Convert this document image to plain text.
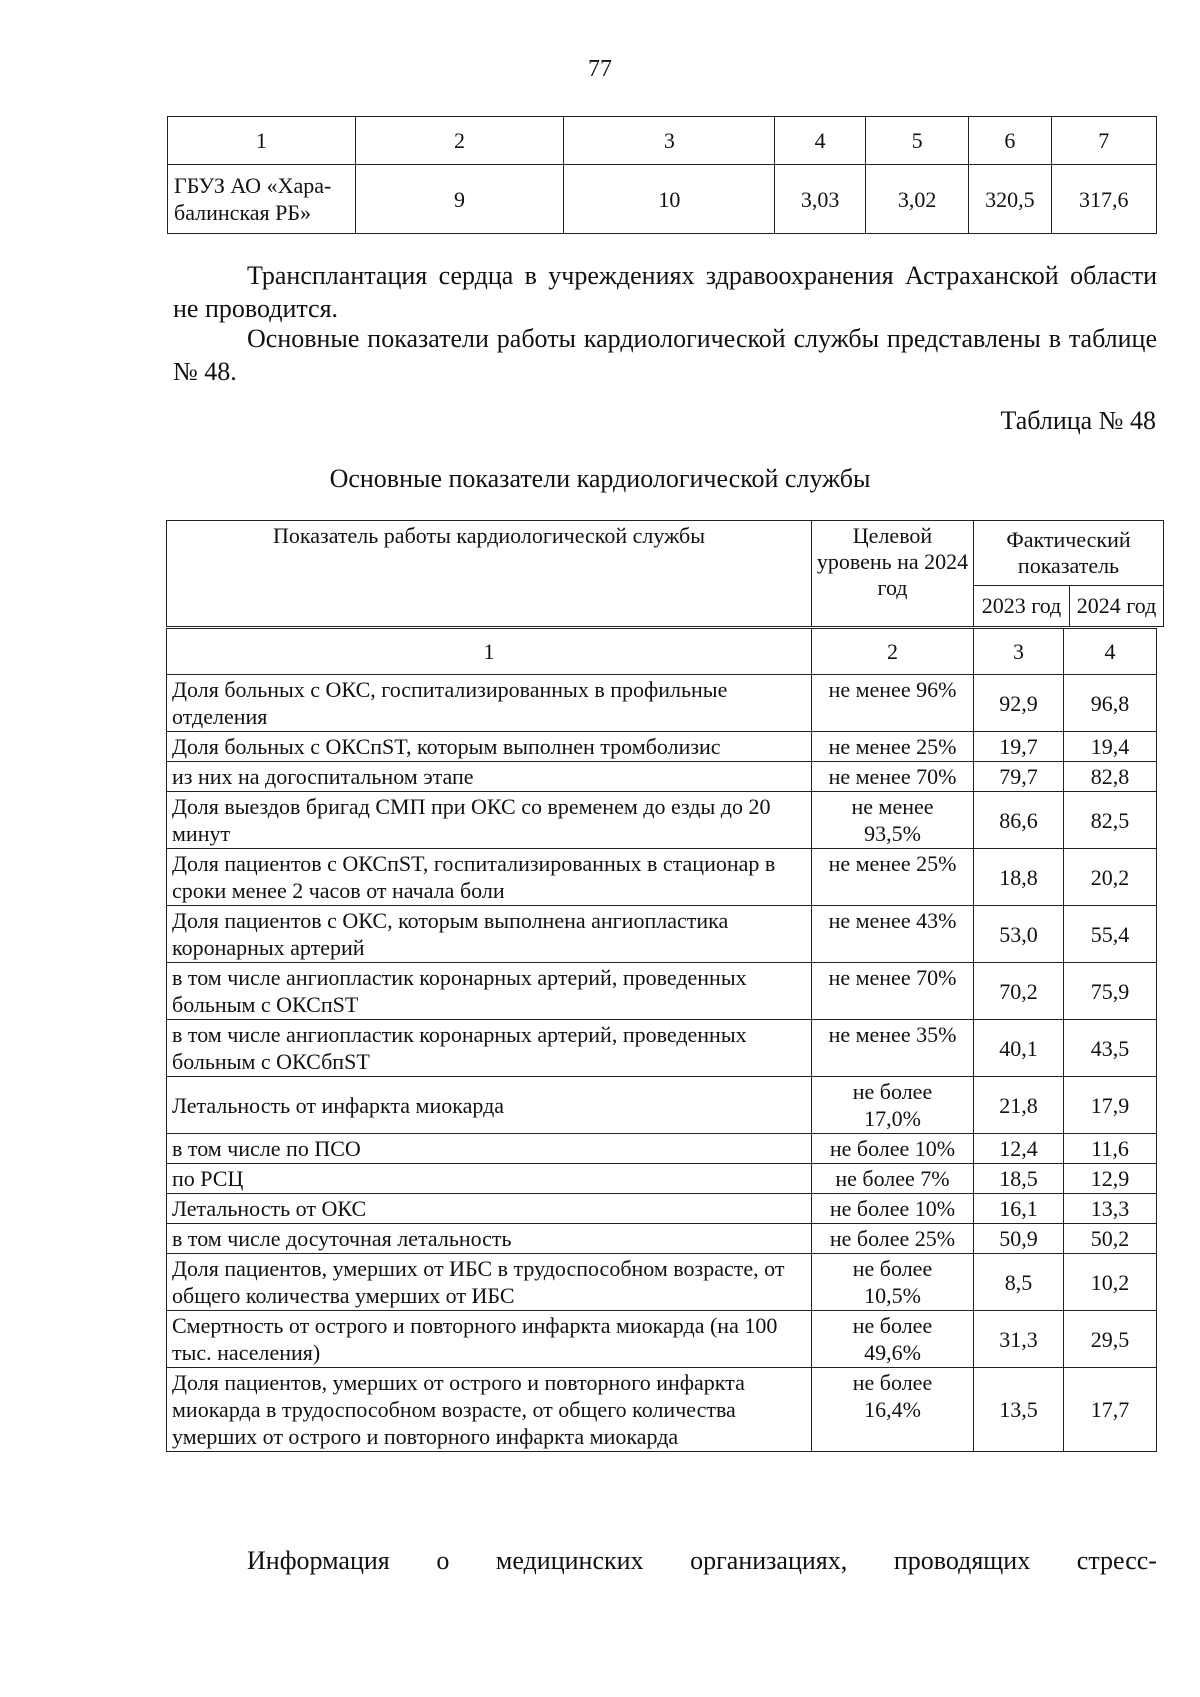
77
1	2	3	4	5	6	7
ГБУЗ АО «Хара-балинская РБ»	9	10	3,03	3,02	320,5	317,6
Трансплантация сердца в учреждениях здравоохранения Астраханской области не проводится.
Основные показатели работы кардиологической службы представлены в таблице № 48.
Таблица № 48
Основные показатели кардиологической службы
Показатель работы кардиологической службы	Целевой уровень на 2024 год	Фактический показатель	
		2023 год	2024 год
1	2	3	4
Доля больных с ОКС, госпитализированных в профильные отделения	не менее 96%	92,9	96,8
Доля больных с ОКСпST, которым выполнен тромболизис	не менее 25%	19,7	19,4
из них на догоспитальном этапе	не менее 70%	79,7	82,8
Доля выездов бригад СМП при ОКС со временем до езды до 20 минут	не менее 93,5%	86,6	82,5
Доля пациентов с ОКСпST, госпитализированных в стационар в сроки менее 2 часов от начала боли	не менее 25%	18,8	20,2
Доля пациентов с ОКС, которым выполнена ангиопластика коронарных артерий	не менее 43%	53,0	55,4
в том числе ангиопластик коронарных артерий, проведенных больным с ОКСпST	не менее 70%	70,2	75,9
в том числе ангиопластик коронарных артерий, проведенных больным с ОКСбпST	не менее 35%	40,1	43,5
Летальность от инфаркта миокарда	не более 17,0%	21,8	17,9
в том числе по ПСО	не более 10%	12,4	11,6
по РСЦ	не более 7%	18,5	12,9
Летальность от ОКС	не более 10%	16,1	13,3
в том числе досуточная летальность	не более 25%	50,9	50,2
Доля пациентов, умерших от ИБС в трудоспособном возрасте, от общего количества умерших от ИБС	не более 10,5%	8,5	10,2
Смертность от острого и повторного инфаркта миокарда (на 100 тыс. населения)	не более 49,6%	31,3	29,5
Доля пациентов, умерших от острого и повторного инфаркта миокарда в трудоспособном возрасте, от общего количества умерших от острого и повторного инфаркта миокарда	не более 16,4%	13,5	17,7
Информация о медицинских организациях, проводящих стресс-
